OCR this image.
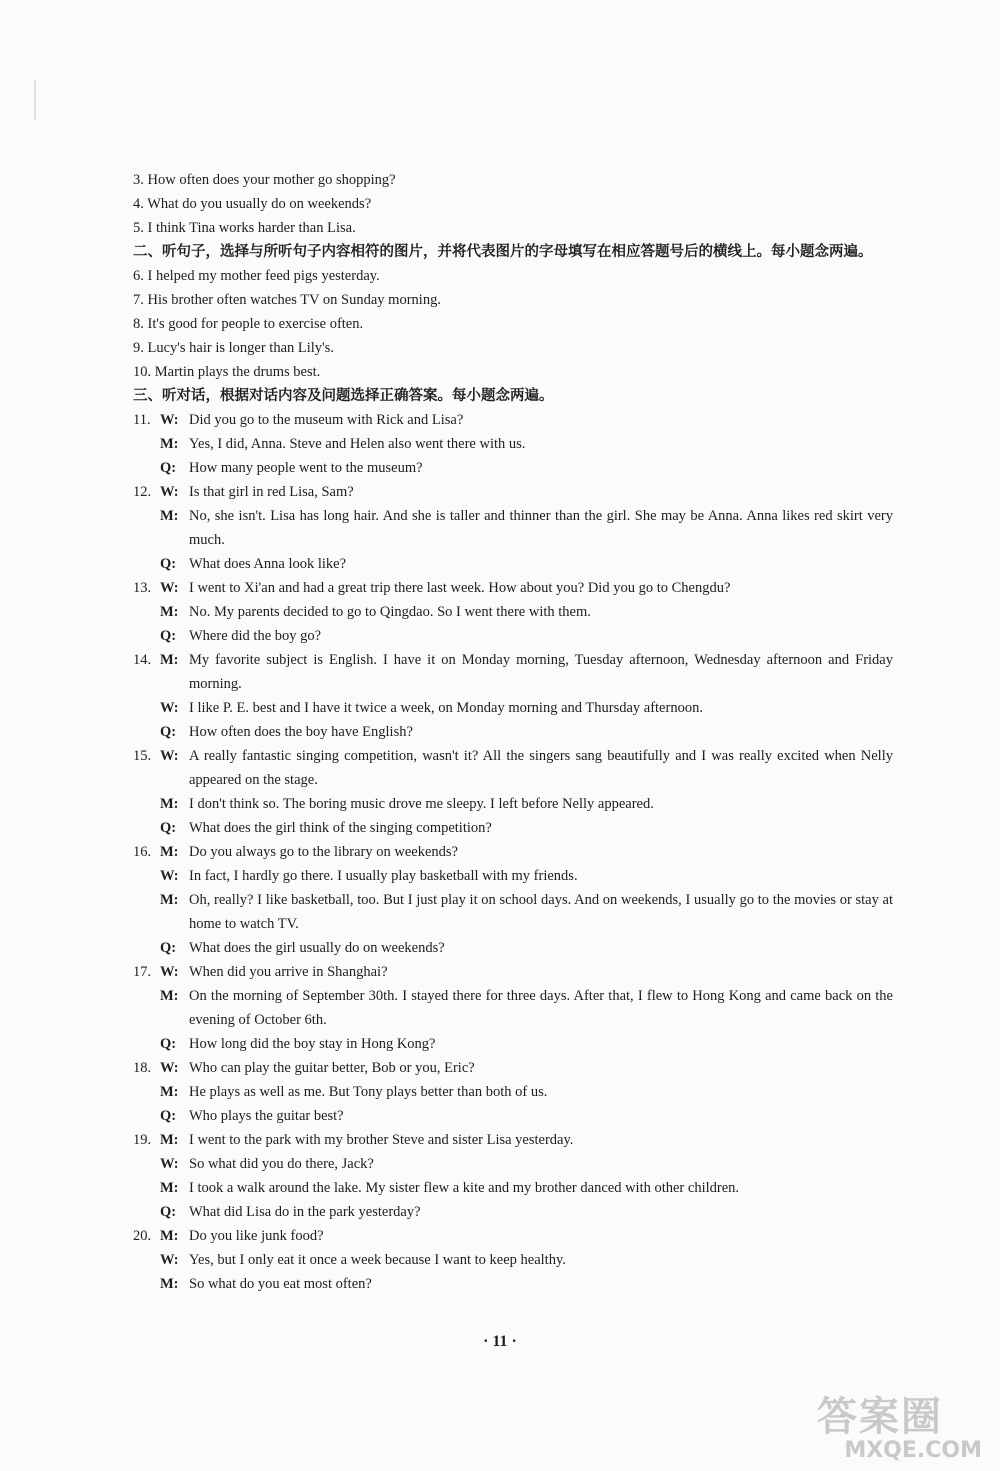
3. How often does your mother go shopping?
4. What do you usually do on weekends?
5. I think Tina works harder than Lisa.
二、听句子，选择与所听句子内容相符的图片，并将代表图片的字母填写在相应答题号后的横线上。每小题念两遍。
6. I helped my mother feed pigs yesterday.
7. His brother often watches TV on Sunday morning.
8. It's good for people to exercise often.
9. Lucy's hair is longer than Lily's.
10. Martin plays the drums best.
三、听对话，根据对话内容及问题选择正确答案。每小题念两遍。
11. W: Did you go to the museum with Rick and Lisa?
M: Yes, I did, Anna. Steve and Helen also went there with us.
Q: How many people went to the museum?
12. W: Is that girl in red Lisa, Sam?
M: No, she isn't. Lisa has long hair. And she is taller and thinner than the girl. She may be Anna. Anna likes red skirt very much.
Q: What does Anna look like?
13. W: I went to Xi'an and had a great trip there last week. How about you? Did you go to Chengdu?
M: No. My parents decided to go to Qingdao. So I went there with them.
Q: Where did the boy go?
14. M: My favorite subject is English. I have it on Monday morning, Tuesday afternoon, Wednesday afternoon and Friday morning.
W: I like P. E. best and I have it twice a week, on Monday morning and Thursday afternoon.
Q: How often does the boy have English?
15. W: A really fantastic singing competition, wasn't it? All the singers sang beautifully and I was really excited when Nelly appeared on the stage.
M: I don't think so. The boring music drove me sleepy. I left before Nelly appeared.
Q: What does the girl think of the singing competition?
16. M: Do you always go to the library on weekends?
W: In fact, I hardly go there. I usually play basketball with my friends.
M: Oh, really? I like basketball, too. But I just play it on school days. And on weekends, I usually go to the movies or stay at home to watch TV.
Q: What does the girl usually do on weekends?
17. W: When did you arrive in Shanghai?
M: On the morning of September 30th. I stayed there for three days. After that, I flew to Hong Kong and came back on the evening of October 6th.
Q: How long did the boy stay in Hong Kong?
18. W: Who can play the guitar better, Bob or you, Eric?
M: He plays as well as me. But Tony plays better than both of us.
Q: Who plays the guitar best?
19. M: I went to the park with my brother Steve and sister Lisa yesterday.
W: So what did you do there, Jack?
M: I took a walk around the lake. My sister flew a kite and my brother danced with other children.
Q: What did Lisa do in the park yesterday?
20. M: Do you like junk food?
W: Yes, but I only eat it once a week because I want to keep healthy.
M: So what do you eat most often?
· 11 ·
答案圈
MXQE.COM
